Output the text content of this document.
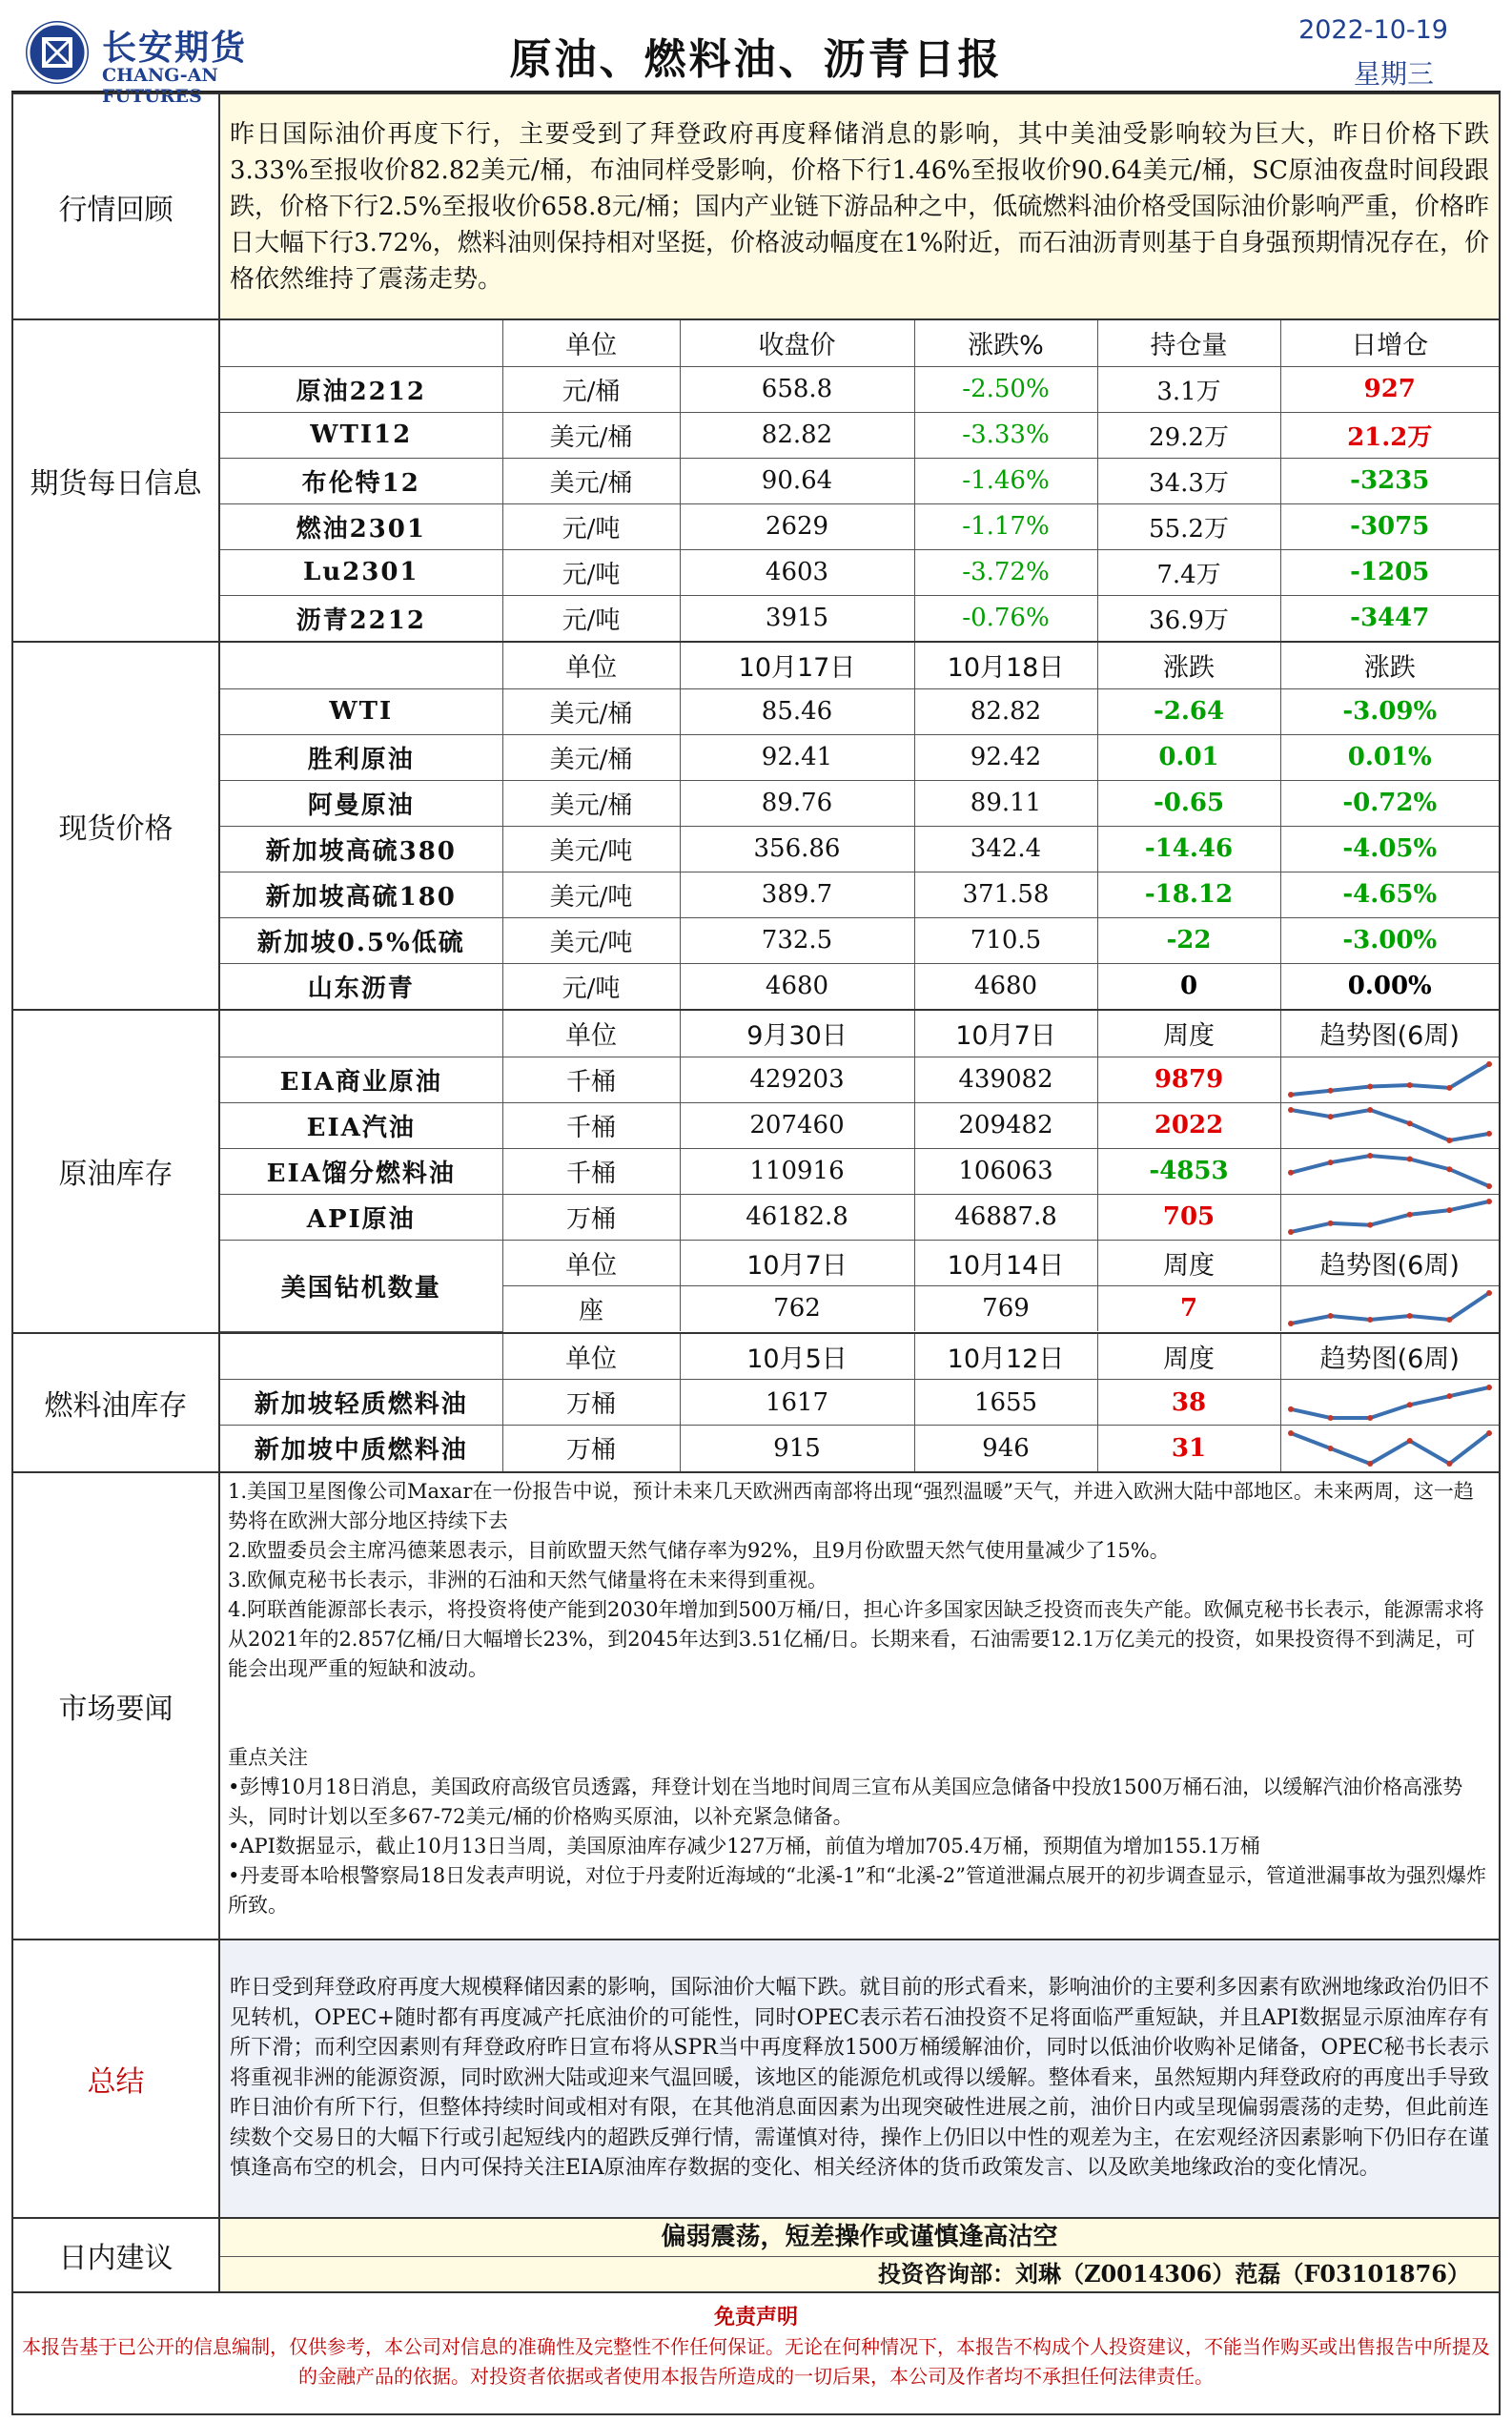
长安期货
CHANG-AN FUTURES
原油、燃料油、沥青日报
2022-10-19
星期三
行情回顾	
昨日国际油价再度下行，主要受到了拜登政府再度释储消息的影响，其中美油受影响较为巨大，昨日价格下跌3.33%至报收价82.82美元/桶，布油同样受影响，价格下行1.46%至报收价90.64美元/桶，SC原油夜盘时间段跟跌，价格下行2.5%至报收价658.8元/桶；国内产业链下游品种之中，低硫燃料油价格受国际油价影响严重，价格昨日大幅下行3.72%，燃料油则保持相对坚挺，价格波动幅度在1%附近，而石油沥青则基于自身强预期情况存在，价格依然维持了震荡走势。

期货每日信息	
	单位	收盘价	涨跌%	持仓量	日增仓
原油2212	元/桶	658.8	-2.50%	3.1万	927
WTI12	美元/桶	82.82	-3.33%	29.2万	21.2万
布伦特12	美元/桶	90.64	-1.46%	34.3万	-3235
燃油2301	元/吨	2629	-1.17%	55.2万	-3075
Lu2301	元/吨	4603	-3.72%	7.4万	-1205
沥青2212	元/吨	3915	-0.76%	36.9万	-3447

现货价格	
	单位	10月17日	10月18日	涨跌	涨跌
WTI	美元/桶	85.46	82.82	-2.64	-3.09%
胜利原油	美元/桶	92.41	92.42	0.01	0.01%
阿曼原油	美元/桶	89.76	89.11	-0.65	-0.72%
新加坡高硫380	美元/吨	356.86	342.4	-14.46	-4.05%
新加坡高硫180	美元/吨	389.7	371.58	-18.12	-4.65%
新加坡0.5%低硫	美元/吨	732.5	710.5	-22	-3.00%
山东沥青	元/吨	4680	4680	0	0.00%

原油库存	
	单位	9月30日	10月7日	周度	趋势图(6周)
EIA商业原油	千桶	429203	439082	9879	

EIA汽油	千桶	207460	209482	2022	

EIA馏分燃料油	千桶	110916	106063	-4853	

API原油	万桶	46182.8	46887.8	705	

美国钻机数量	单位	10月7日	10月14日	周度	趋势图(6周)
座	762	769	7	

燃料油库存	
	单位	10月5日	10月12日	周度	趋势图(6周)
新加坡轻质燃料油	万桶	1617	1655	38	

新加坡中质燃料油	万桶	915	946	31	

市场要闻	

1.美国卫星图像公司Maxar在一份报告中说，预计未来几天欧洲西南部将出现“强烈温暖”天气，并进入欧洲大陆中部地区。未来两周，这一趋势将在欧洲大部分地区持续下去

2.欧盟委员会主席冯德莱恩表示，目前欧盟天然气储存率为92%，且9月份欧盟天然气使用量减少了15%。

3.欧佩克秘书长表示，非洲的石油和天然气储量将在未来得到重视。

4.阿联酋能源部长表示，将投资将使产能到2030年增加到500万桶/日，担心许多国家因缺乏投资而丧失产能。欧佩克秘书长表示，能源需求将从2021年的2.857亿桶/日大幅增长23%，到2045年达到3.51亿桶/日。长期来看，石油需要12.1万亿美元的投资，如果投资得不到满足，可能会出现严重的短缺和波动。

重点关注

•彭博10月18日消息，美国政府高级官员透露，拜登计划在当地时间周三宣布从美国应急储备中投放1500万桶石油，以缓解汽油价格高涨势头，同时计划以至多67-72美元/桶的价格购买原油，以补充紧急储备。

•API数据显示，截止10月13日当周，美国原油库存减少127万桶，前值为增加705.4万桶，预期值为增加155.1万桶

•丹麦哥本哈根警察局18日发表声明说，对位于丹麦附近海域的“北溪-1”和“北溪-2”管道泄漏点展开的初步调查显示，管道泄漏事故为强烈爆炸所致。

总结	
昨日受到拜登政府再度大规模释储因素的影响，国际油价大幅下跌。就目前的形式看来，影响油价的主要利多因素有欧洲地缘政治仍旧不见转机，OPEC+随时都有再度减产托底油价的可能性，同时OPEC表示若石油投资不足将面临严重短缺，并且API数据显示原油库存有所下滑；而利空因素则有拜登政府昨日宣布将从SPR当中再度释放1500万桶缓解油价，同时以低油价收购补足储备，OPEC秘书长表示将重视非洲的能源资源，同时欧洲大陆或迎来气温回暖，该地区的能源危机或得以缓解。整体看来，虽然短期内拜登政府的再度出手导致昨日油价有所下行，但整体持续时间或相对有限，在其他消息面因素为出现突破性进展之前，油价日内或呈现偏弱震荡的走势，但此前连续数个交易日的大幅下行或引起短线内的超跌反弹行情，需谨慎对待，操作上仍旧以中性的观差为主，在宏观经济因素影响下仍旧存在谨慎逢高布空的机会，日内可保持关注EIA原油库存数据的变化、相关经济体的货币政策发言、以及欧美地缘政治的变化情况。

日内建议	
偏弱震荡，短差操作或谨慎逢高沽空
投资咨询部：刘琳（Z0014306）范磊（F03101876）

免责声明
本报告基于已公开的信息编制，仅供参考，本公司对信息的准确性及完整性不作任何保证。无论在何种情况下，本报告不构成个人投资建议，不能当作购买或出售报告中所提及的金融产品的依据。对投资者依据或者使用本报告所造成的一切后果，本公司及作者均不承担任何法律责任。
